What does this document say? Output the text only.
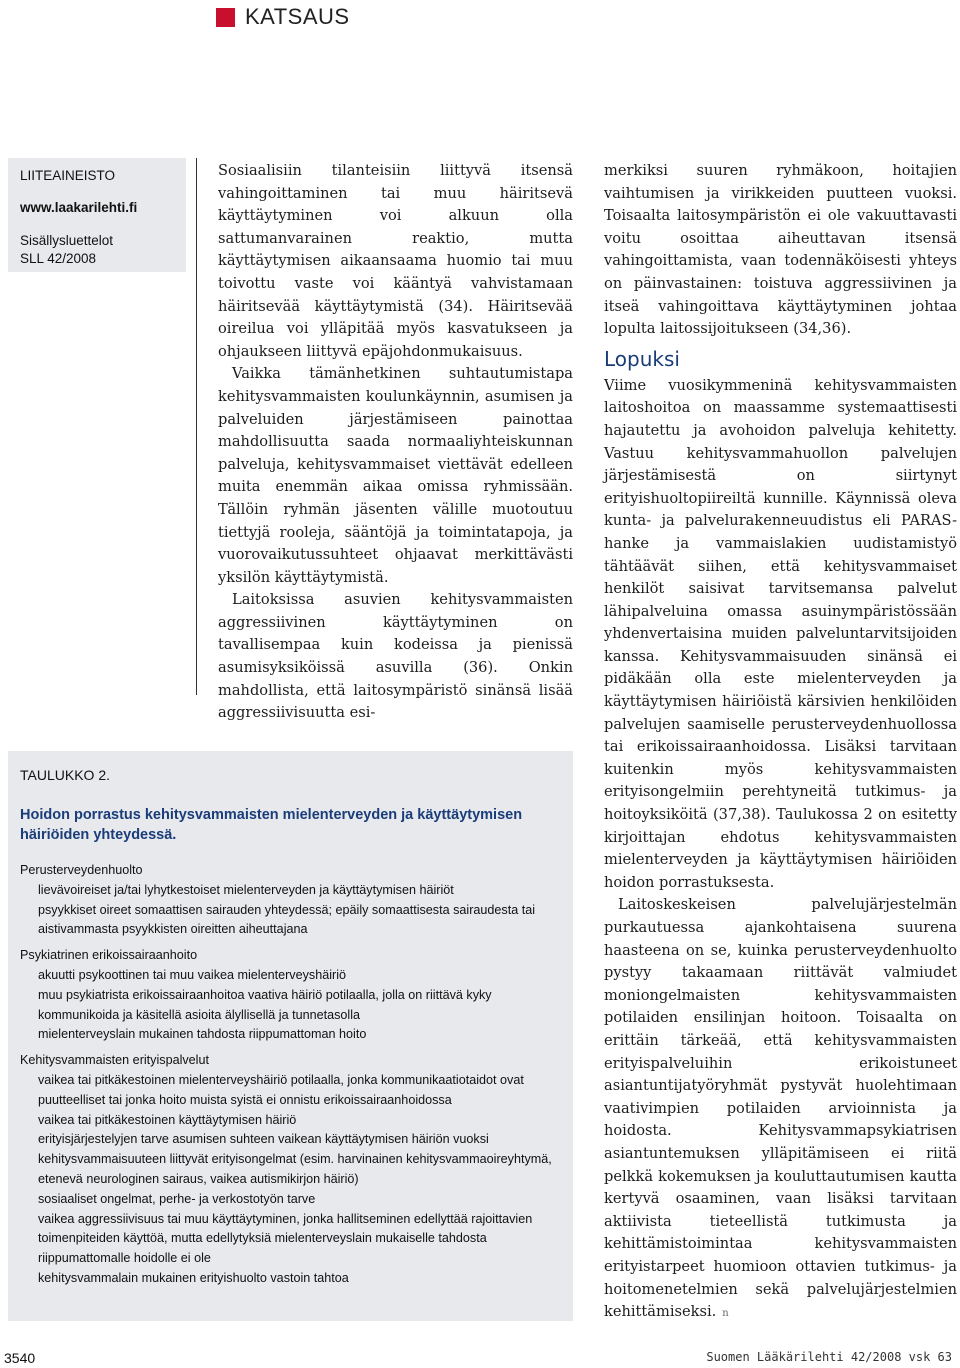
KATSAUS
LIITEAINEISTO
www.laakarilehti.fi
Sisällysluettelot
SLL 42/2008

Sosiaalisiin tilanteisiin liittyvä itsensä vahingoittaminen tai muu häiritsevä käyttäytyminen voi alkuun olla sattumanvarainen reaktio, mutta käyttäytymisen aikaansaama huomio tai muu toivottu vaste voi kääntyä vahvistamaan häiritsevää käyttäytymistä (34). Häiritsevää oireilua voi ylläpitää myös kasvatukseen ja ohjaukseen liittyvä epäjohdonmukaisuus.

Vaikka tämänhetkinen suhtautumistapa kehitysvammaisten koulunkäynnin, asumisen ja palveluiden järjestämiseen painottaa mahdollisuutta saada normaaliyhteiskunnan palveluja, kehitysvammaiset viettävät edelleen muita enemmän aikaa omissa ryhmissään. Tällöin ryhmän jäsenten välille muotoutuu tiettyjä rooleja, sääntöjä ja toimintatapoja, ja vuorovaikutussuhteet ohjaavat merkittävästi yksilön käyttäytymistä.

Laitoksissa asuvien kehitysvammaisten aggressiivinen käyttäytyminen on tavallisempaa kuin kodeissa ja pienissä asumisyksiköissä asuvilla (36). Onkin mahdollista, että laitosympäristö sinänsä lisää aggressiivisuutta esi-

merkiksi suuren ryhmäkoon, hoitajien vaihtumisen ja virikkeiden puutteen vuoksi. Toisaalta laitosympäristön ei ole vakuuttavasti voitu osoittaa aiheuttavan itsensä vahingoittamista, vaan todennäköisesti yhteys on päinvastainen: toistuva aggressiivinen ja itseä vahingoittava käyttäytyminen johtaa lopulta laitossijoitukseen (34,36).

Lopuksi

Viime vuosikymmeninä kehitysvammaisten laitoshoitoa on maassamme systemaattisesti hajautettu ja avohoidon palveluja kehitetty. Vastuu kehitysvammahuollon palvelujen järjestämisestä on siirtynyt erityishuoltopiireiltä kunnille. Käynnissä oleva kunta- ja palvelurakenneuudistus eli PARAS-hanke ja vammaislakien uudistamistyö tähtäävät siihen, että kehitysvammaiset henkilöt saisivat tarvitsemansa palvelut lähipalveluina omassa asuinympäristössään yhdenvertaisina muiden palveluntarvitsijoiden kanssa. Kehitysvammaisuuden sinänsä ei pidäkään olla este mielenterveyden ja käyttäytymisen häiriöistä kärsivien henkilöiden palvelujen saamiselle perusterveydenhuollossa tai erikoissairaanhoidossa. Lisäksi tarvitaan kuitenkin myös kehitysvammaisten erityisongelmiin perehtyneitä tutkimus- ja hoitoyksiköitä (37,38). Taulukossa 2 on esitetty kirjoittajan ehdotus kehitysvammaisten mielenterveyden ja käyttäytymisen häiriöiden hoidon porrastuksesta.

Laitoskeskeisen palvelujärjestelmän purkautuessa ajankohtaisena suurena haasteena on se, kuinka perusterveydenhuolto pystyy takaamaan riittävät valmiudet moniongelmaisten kehitysvammaisten potilaiden ensilinjan hoitoon. Toisaalta on erittäin tärkeää, että kehitysvammaisten erityispalveluihin erikoistuneet asiantuntijatyöryhmät pystyvät huolehtimaan vaativimpien potilaiden arvioinnista ja hoidosta. Kehitysvammapsykiatrisen asiantuntemuksen ylläpitämiseen ei riitä pelkkä kokemuksen ja kouluttautumisen kautta kertyvä osaaminen, vaan lisäksi tarvitaan aktiivista tieteellistä tutkimusta ja kehittämistoimintaa kehitysvammaisten erityistarpeet huomioon ottavien tutkimus- ja hoitomenetelmien sekä palvelujärjestelmien kehittämiseksi. n

TAULUKKO 2.
Hoidon porrastus kehitysvammaisten mielenterveyden ja käyttäytymisen häiriöiden yhteydessä.
Perusterveydenhuolto
lievävoireiset ja/tai lyhytkestoiset mielenterveyden ja käyttäytymisen häiriöt
psyykkiset oireet somaattisen sairauden yhteydessä; epäily somaattisesta sairaudesta tai aistivammasta psyykkisten oireitten aiheuttajana
Psykiatrinen erikoissairaanhoito
akuutti psykoottinen tai muu vaikea mielenterveyshäiriö
muu psykiatrista erikoissairaanhoitoa vaativa häiriö potilaalla, jolla on riittävä kyky kommunikoida ja käsitellä asioita älyllisellä ja tunnetasolla
mielenterveyslain mukainen tahdosta riippumattoman hoito
Kehitysvammaisten erityispalvelut
vaikea tai pitkäkestoinen mielenterveyshäiriö potilaalla, jonka kommunikaatiotaidot ovat puutteelliset tai jonka hoito muista syistä ei onnistu erikoissairaanhoidossa
vaikea tai pitkäkestoinen käyttäytymisen häiriö
erityisjärjestelyjen tarve asumisen suhteen vaikean käyttäytymisen häiriön vuoksi
kehitysvammaisuuteen liittyvät erityisongelmat (esim. harvinainen kehitysvammaoireyhtymä, etenevä neurologinen sairaus, vaikea autismikirjon häiriö)
sosiaaliset ongelmat, perhe- ja verkostotyön tarve
vaikea aggressiivisuus tai muu käyttäytyminen, jonka hallitseminen edellyttää rajoittavien toimenpiteiden käyttöä, mutta edellytyksiä mielenterveyslain mukaiselle tahdosta riippumattomalle hoidolle ei ole
kehitysvammalain mukainen erityishuolto vastoin tahtoa
3540	Suomen Lääkärilehti 42/2008 vsk 63
